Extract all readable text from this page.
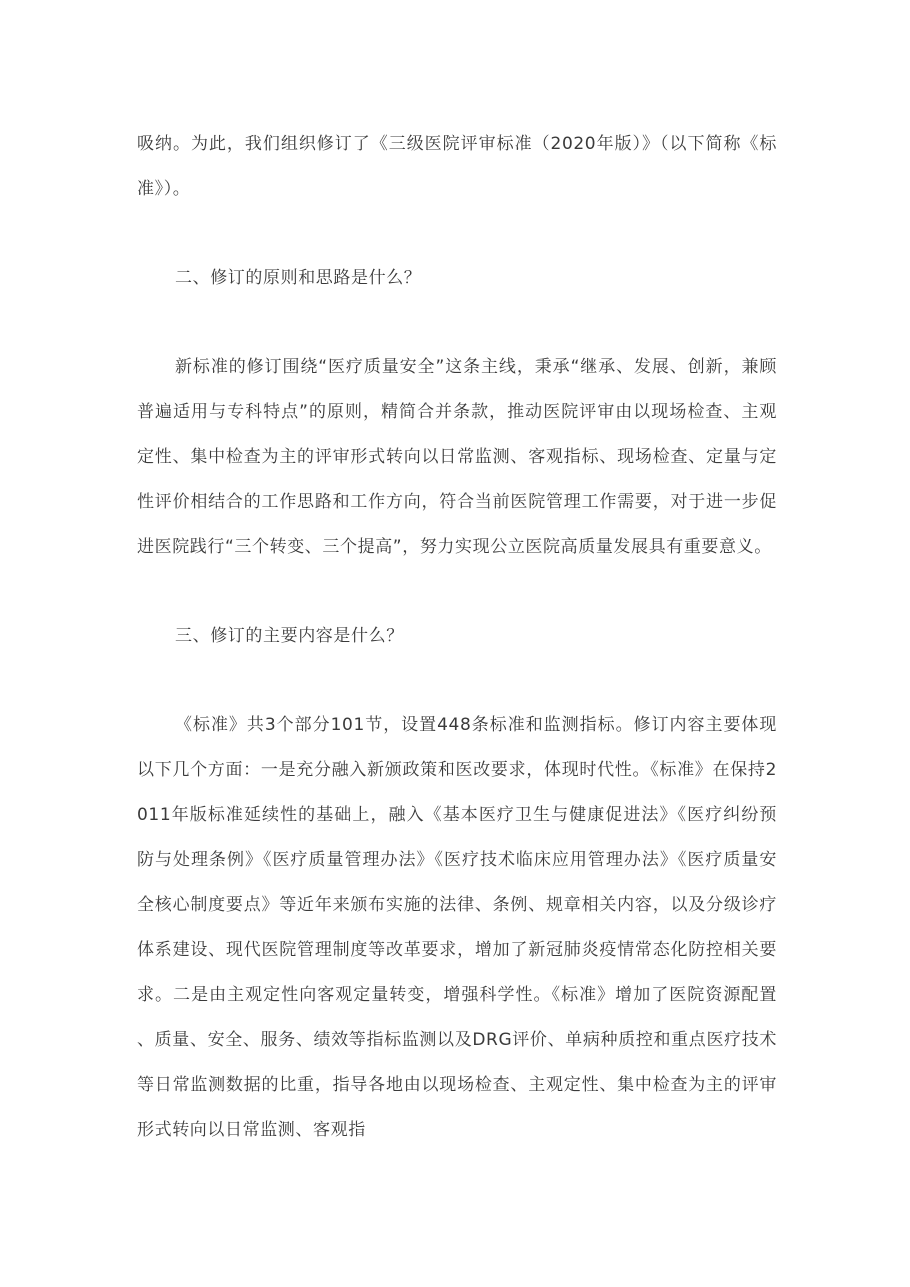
吸纳。为此，我们组织修订了《三级医院评审标准（2020年版）》（以下简称《标准》）。

二、修订的原则和思路是什么？

新标准的修订围绕“医疗质量安全”这条主线，秉承“继承、发展、创新，兼顾普遍适用与专科特点”的原则，精简合并条款，推动医院评审由以现场检查、主观定性、集中检查为主的评审形式转向以日常监测、客观指标、现场检查、定量与定性评价相结合的工作思路和工作方向，符合当前医院管理工作需要，对于进一步促进医院践行“三个转变、三个提高”，努力实现公立医院高质量发展具有重要意义。

三、修订的主要内容是什么？

《标准》共3个部分101节，设置448条标准和监测指标。修订内容主要体现以下几个方面：一是充分融入新颁政策和医改要求，体现时代性。《标准》在保持2011年版标准延续性的基础上，融入《基本医疗卫生与健康促进法》《医疗纠纷预防与处理条例》《医疗质量管理办法》《医疗技术临床应用管理办法》《医疗质量安全核心制度要点》等近年来颁布实施的法律、条例、规章相关内容，以及分级诊疗体系建设、现代医院管理制度等改革要求，增加了新冠肺炎疫情常态化防控相关要求。二是由主观定性向客观定量转变，增强科学性。《标准》增加了医院资源配置、质量、安全、服务、绩效等指标监测以及DRG评价、单病种质控和重点医疗技术等日常监测数据的比重，指导各地由以现场检查、主观定性、集中检查为主的评审形式转向以日常监测、客观指
